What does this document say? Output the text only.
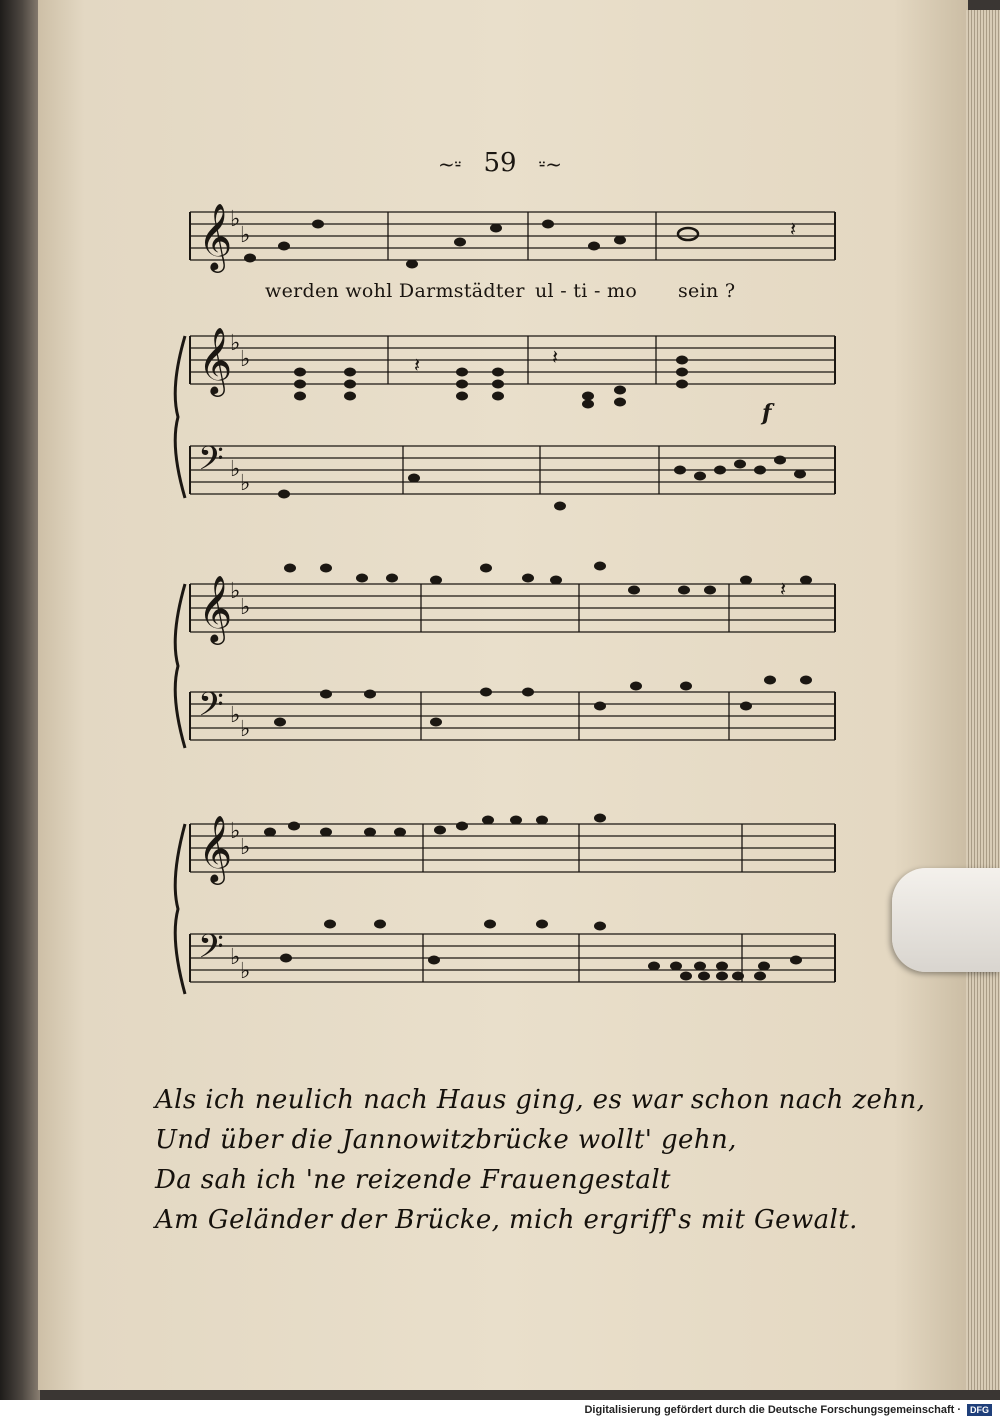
~⸚ 59 ⸚~
𝄞
♭
♭
𝄞
♭
♭
𝄢 ♭
♭
𝄞
♭
♭
𝄢 ♭
♭
𝄞
♭
♭
𝄢 ♭
♭
𝄽
𝄽	𝄽
𝄽
werden wohl Darmstädter ul - ti - mo sein ?
f
Als ich neulich nach Haus ging, es war schon nach zehn,
Und über die Jannowitzbrücke wollt' gehn,
Da sah ich 'ne reizende Frauengestalt
Am Geländer der Brücke, mich ergriff's mit Gewalt.
Digitalisierung gefördert durch die Deutsche Forschungsgemeinschaft ·	DFG
